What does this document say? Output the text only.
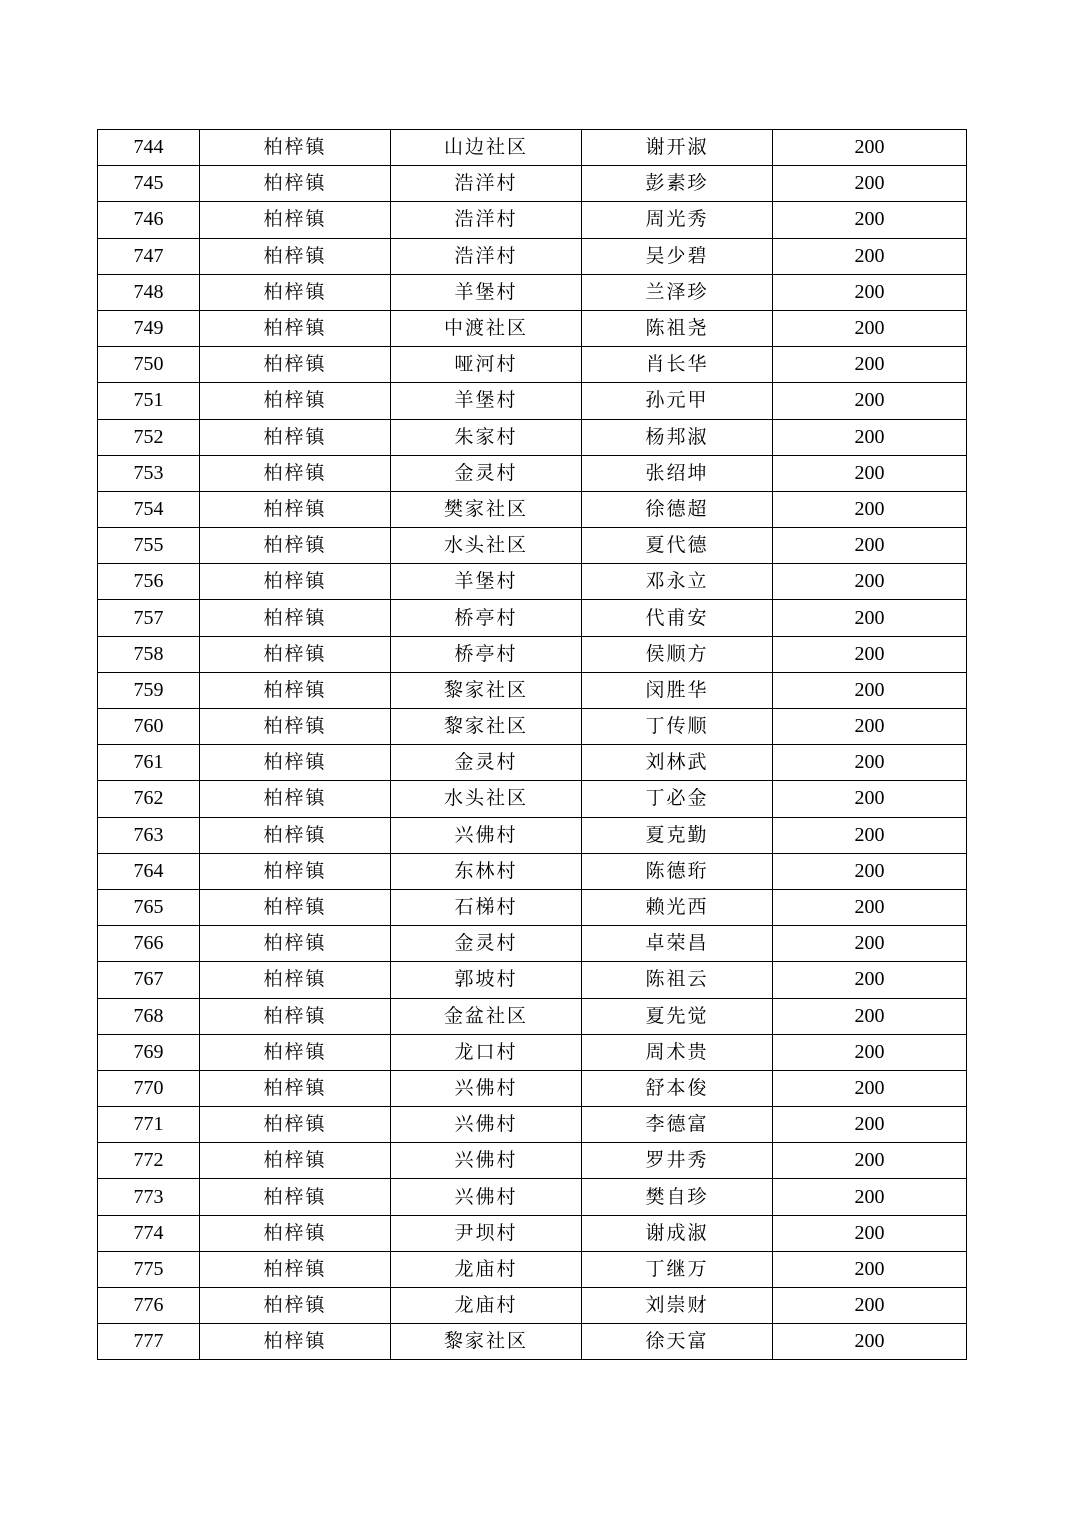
744	柏梓镇	山边社区	谢开淑	200
745	柏梓镇	浩洋村	彭素珍	200
746	柏梓镇	浩洋村	周光秀	200
747	柏梓镇	浩洋村	吴少碧	200
748	柏梓镇	羊堡村	兰泽珍	200
749	柏梓镇	中渡社区	陈祖尧	200
750	柏梓镇	哑河村	肖长华	200
751	柏梓镇	羊堡村	孙元甲	200
752	柏梓镇	朱家村	杨邦淑	200
753	柏梓镇	金灵村	张绍坤	200
754	柏梓镇	樊家社区	徐德超	200
755	柏梓镇	水头社区	夏代德	200
756	柏梓镇	羊堡村	邓永立	200
757	柏梓镇	桥亭村	代甫安	200
758	柏梓镇	桥亭村	侯顺方	200
759	柏梓镇	黎家社区	闵胜华	200
760	柏梓镇	黎家社区	丁传顺	200
761	柏梓镇	金灵村	刘林武	200
762	柏梓镇	水头社区	丁必金	200
763	柏梓镇	兴佛村	夏克勤	200
764	柏梓镇	东林村	陈德珩	200
765	柏梓镇	石梯村	赖光西	200
766	柏梓镇	金灵村	卓荣昌	200
767	柏梓镇	郭坡村	陈祖云	200
768	柏梓镇	金盆社区	夏先觉	200
769	柏梓镇	龙口村	周术贵	200
770	柏梓镇	兴佛村	舒本俊	200
771	柏梓镇	兴佛村	李德富	200
772	柏梓镇	兴佛村	罗井秀	200
773	柏梓镇	兴佛村	樊自珍	200
774	柏梓镇	尹坝村	谢成淑	200
775	柏梓镇	龙庙村	丁继万	200
776	柏梓镇	龙庙村	刘崇财	200
777	柏梓镇	黎家社区	徐天富	200
